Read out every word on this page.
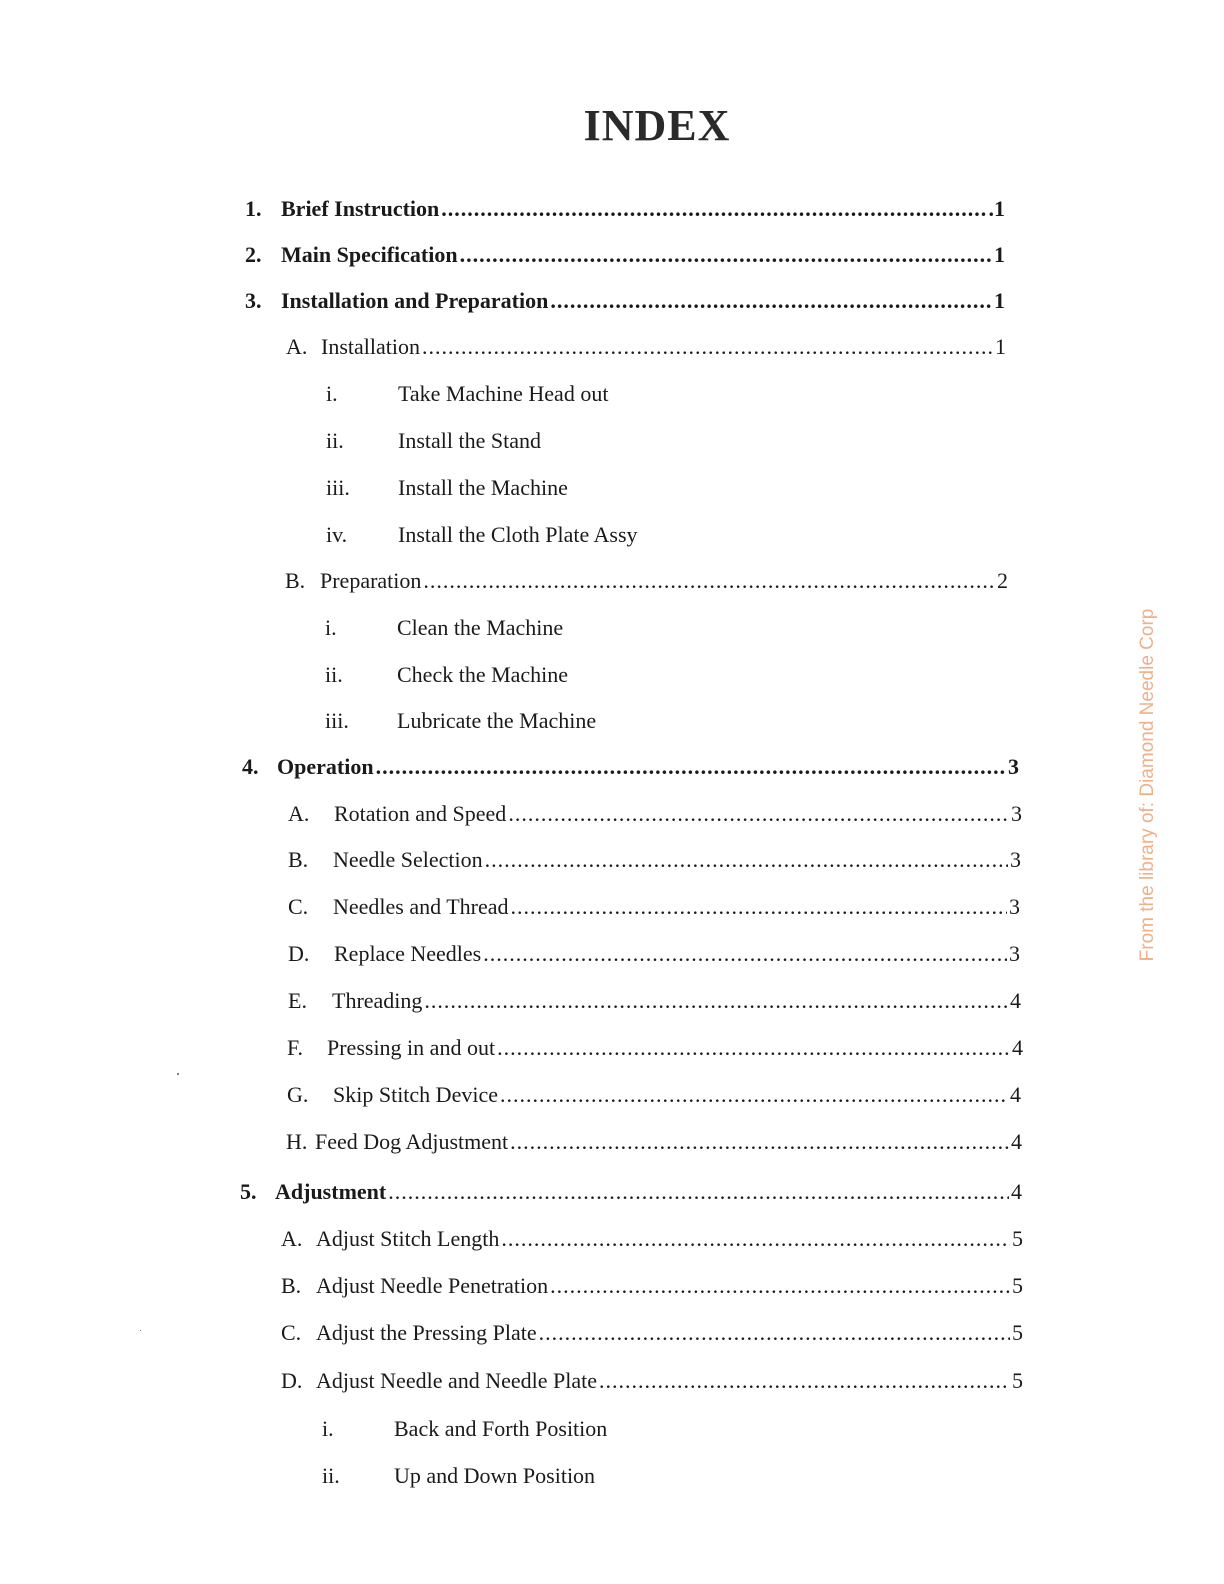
INDEX
1. Brief Instruction .....	.1
2. Main Specification .....	1
3. Installation and Preparation .....	1
A. Installation .....	1
i.	Take Machine Head out
ii.	Install the Stand
iii.	Install the Machine
iv.	Install the Cloth Plate Assy
B. Preparation .....	2
i.	Clean the Machine
ii.	Check the Machine
iii.	Lubricate the Machine
4. Operation .....	3
A.	Rotation and Speed .....	3
B.	Needle Selection .....	3
C.	Needles and Thread .....	3
D.	Replace Needles .....	3
E.	Threading .....	4
F.	Pressing in and out .....	4
G.	Skip Stitch Device .....	4
H. Feed Dog Adjustment .....	4
5. Adjustment .....	4
A. Adjust Stitch Length .....	5
B. Adjust Needle Penetration .....	5
C. Adjust the Pressing Plate .....	5
D. Adjust Needle and Needle Plate .....	5
i.	Back and Forth Position
ii.	Up and Down Position
From the library of: Diamond Needle Corp
